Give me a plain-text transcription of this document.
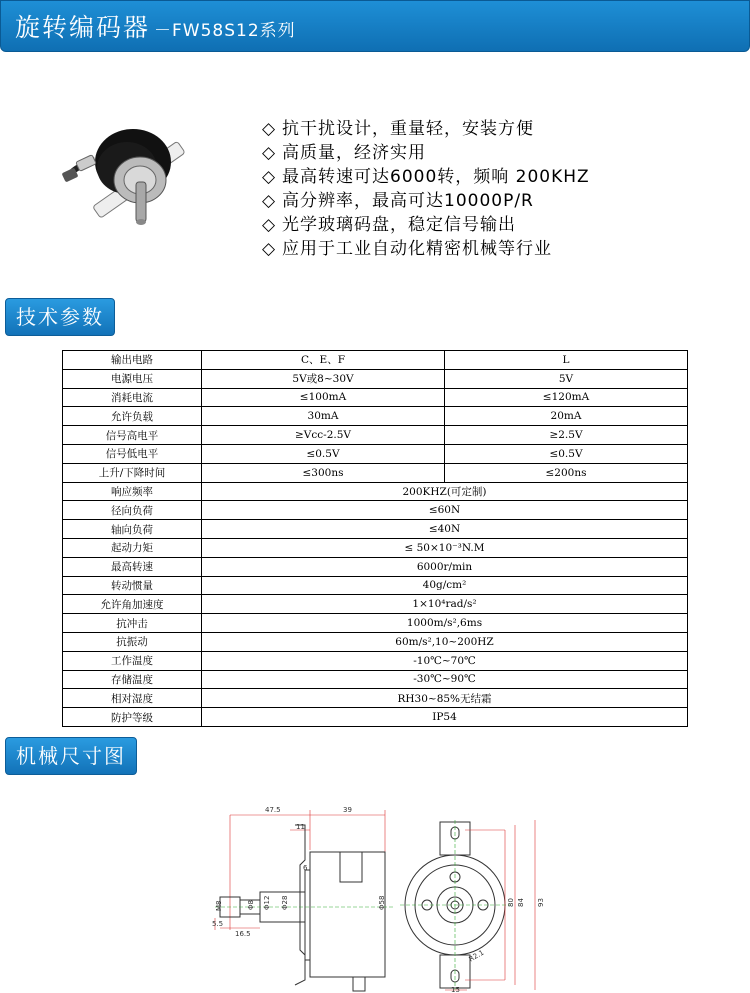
旋转编码器 －FW58S12系列
◇ 抗干扰设计，重量轻，安装方便
◇ 高质量，经济实用
◇ 最高转速可达6000转，频响 200KHZ
◇ 高分辨率，最高可达10000P/R
◇ 光学玻璃码盘，稳定信号输出
◇ 应用于工业自动化精密机械等行业
技术参数
输出电路	C、E、F	L
电源电压	5V或8~30V	5V
消耗电流	≤100mA	≤120mA
允许负载	30mA	20mA
信号高电平	≥Vcc-2.5V	≥2.5V
信号低电平	≤0.5V	≤0.5V
上升/下降时间	≤300ns	≤200ns
响应频率	200KHZ(可定制)	
径向负荷	≤60N	
轴向负荷	≤40N	
起动力矩	≤ 50×10⁻³N.M	
最高转速	6000r/min	
转动惯量	40g/cm²	
允许角加速度	1×10⁴rad/s²	
抗冲击	1000m/s²,6ms	
抗振动	60m/s²,10~200HZ	
工作温度	-10℃~70℃	
存储温度	-30℃~90℃	
相对湿度	RH30~85%无结霜	
防护等级	IP54	
机械尺寸图
47.5	39
11
6
M8	Φ8 Φ12 Φ28	Φ58
5.5
16.5
80 84 93
R2.1
15
